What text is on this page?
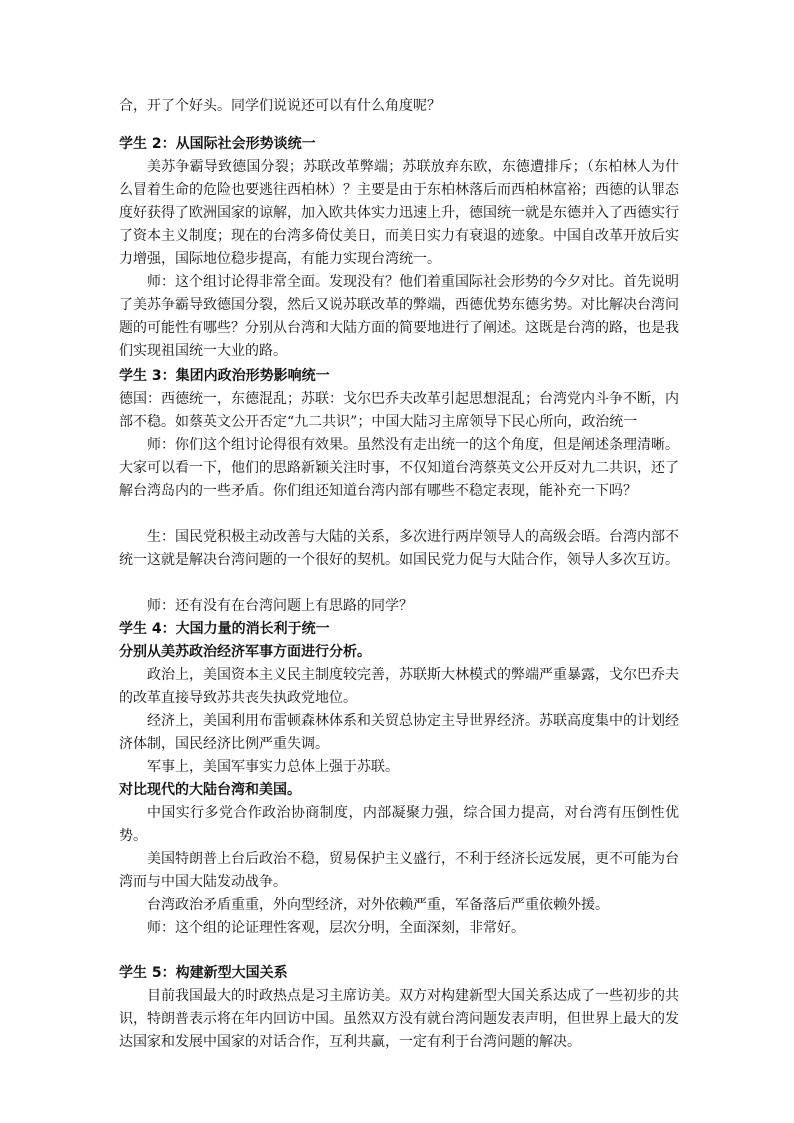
合，开了个好头。同学们说说还可以有什么角度呢？

学生 2：从国际社会形势谈统一

美苏争霸导致德国分裂；苏联改革弊端；苏联放弃东欧，东德遭排斥；（东柏林人为什么冒着生命的危险也要逃往西柏林）？主要是由于东柏林落后而西柏林富裕；西德的认罪态度好获得了欧洲国家的谅解，加入欧共体实力迅速上升，德国统一就是东德并入了西德实行了资本主义制度；现在的台湾多倚仗美日，而美日实力有衰退的迹象。中国自改革开放后实力增强，国际地位稳步提高，有能力实现台湾统一。

师：这个组讨论得非常全面。发现没有？他们着重国际社会形势的今夕对比。首先说明了美苏争霸导致德国分裂，然后又说苏联改革的弊端，西德优势东德劣势。对比解决台湾问题的可能性有哪些？分别从台湾和大陆方面的简要地进行了阐述。这既是台湾的路，也是我们实现祖国统一大业的路。

学生 3：集团内政治形势影响统一

德国：西德统一，东德混乱；苏联：戈尔巴乔夫改革引起思想混乱；台湾党内斗争不断，内部不稳。如蔡英文公开否定“九二共识”；中国大陆习主席领导下民心所向，政治统一

师：你们这个组讨论得很有效果。虽然没有走出统一的这个角度，但是阐述条理清晰。大家可以看一下，他们的思路新颖关注时事，不仅知道台湾蔡英文公开反对九二共识，还了解台湾岛内的一些矛盾。你们组还知道台湾内部有哪些不稳定表现，能补充一下吗？

生：国民党积极主动改善与大陆的关系，多次进行两岸领导人的高级会晤。台湾内部不统一这就是解决台湾问题的一个很好的契机。如国民党力促与大陆合作，领导人多次互访。

师：还有没有在台湾问题上有思路的同学？

学生 4：大国力量的消长利于统一

分别从美苏政治经济军事方面进行分析。

政治上，美国资本主义民主制度较完善，苏联斯大林模式的弊端严重暴露，戈尔巴乔夫的改革直接导致苏共丧失执政党地位。

经济上，美国利用布雷顿森林体系和关贸总协定主导世界经济。苏联高度集中的计划经济体制，国民经济比例严重失调。

军事上，美国军事实力总体上强于苏联。

对比现代的大陆台湾和美国。

中国实行多党合作政治协商制度，内部凝聚力强，综合国力提高，对台湾有压倒性优势。

美国特朗普上台后政治不稳，贸易保护主义盛行，不利于经济长远发展，更不可能为台湾而与中国大陆发动战争。

台湾政治矛盾重重，外向型经济，对外依赖严重，军备落后严重依赖外援。

师：这个组的论证理性客观，层次分明，全面深刻，非常好。

学生 5：构建新型大国关系

目前我国最大的时政热点是习主席访美。双方对构建新型大国关系达成了一些初步的共识，特朗普表示将在年内回访中国。虽然双方没有就台湾问题发表声明，但世界上最大的发达国家和发展中国家的对话合作，互利共赢，一定有利于台湾问题的解决。
